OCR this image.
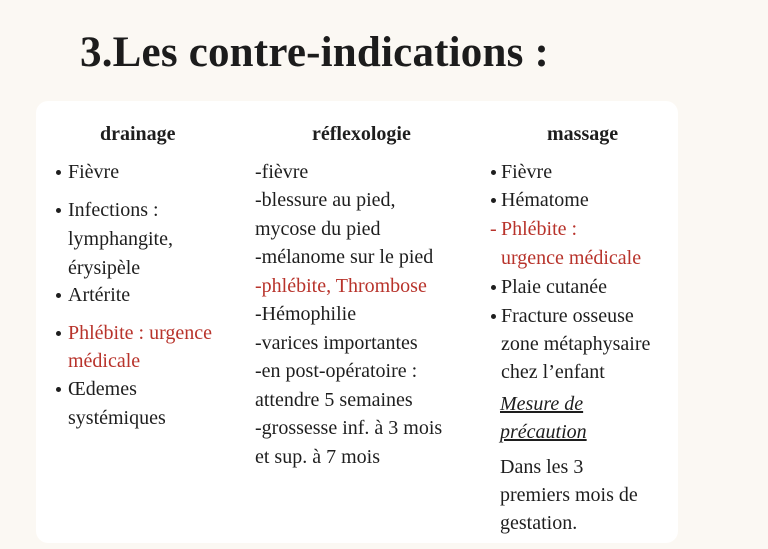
3.Les contre-indications :
drainage
Fièvre
Infections :
lymphangite,
érysipèle
Artérite
Phlébite : urgence
médicale
Œdemes
systémiques
réflexologie
-fièvre
-blessure au pied,
mycose du pied
-mélanome sur le pied
-phlébite, Thrombose
-Hémophilie
-varices importantes
-en post-opératoire :
attendre 5 semaines
-grossesse inf. à 3 mois
et sup. à 7 mois
massage
Fièvre
Hématome
- Phlébite :
urgence médicale
Plaie cutanée
Fracture osseuse
zone métaphysaire
chez l’enfant
Mesure de
précaution
Dans les 3
premiers mois de
gestation.
